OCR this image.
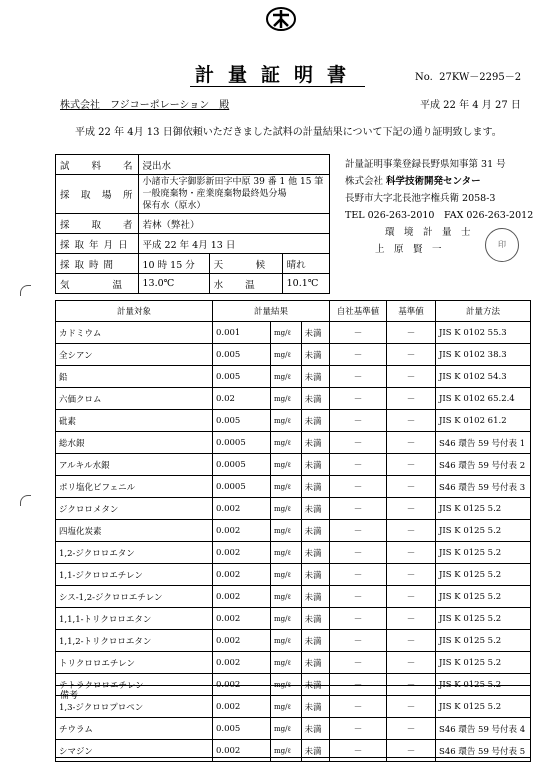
計量証明書	No. 27KW－2295－2
株式会社　フジコーポレーション　殿	平成 22 年 4 月 27 日
平成 22 年 4月 13 日御依頼いただきました試料の計量結果について下記の通り証明致します。
試　　料　　名	浸出水		
採　取　場　所	小諸市大字御影新田字中原 39 番 1 他 15 筆
一般廃棄物・産業廃棄物最終処分場
保有水（原水）		

採　　取　　者	若林（弊社）		
採 取 年 月 日	平成 22 年 4月 13 日		
採 取 時 間	10 時 15 分	天　　　候	晴れ
気　　　　温	13.0℃	水　　温	10.1℃
計量証明事業登録長野県知事第 31 号
株式会社 科学技術開発センター
長野市大字北長池字権兵衛 2058-3
TEL 026-263-2010　FAX 026-263-2012
環　境　計　量　士
上　原　賢　一	印
計量対象	計量結果			自社基準値	基準値	計量方法
カドミウム	0.001	mg/ℓ	未満	－	－	JIS K 0102 55.3
全シアン	0.005	mg/ℓ	未満	－	－	JIS K 0102 38.3
鉛	0.005	mg/ℓ	未満	－	－	JIS K 0102 54.3
六価クロム	0.02	mg/ℓ	未満	－	－	JIS K 0102 65.2.4
砒素	0.005	mg/ℓ	未満	－	－	JIS K 0102 61.2
総水銀	0.0005	mg/ℓ	未満	－	－	S46 環告 59 号付表 1
アルキル水銀	0.0005	mg/ℓ	未満	－	－	S46 環告 59 号付表 2
ポリ塩化ビフェニル	0.0005	mg/ℓ	未満	－	－	S46 環告 59 号付表 3
ジクロロメタン	0.002	mg/ℓ	未満	－	－	JIS K 0125 5.2
四塩化炭素	0.002	mg/ℓ	未満	－	－	JIS K 0125 5.2
1,2-ジクロロエタン	0.002	mg/ℓ	未満	－	－	JIS K 0125 5.2
1,1-ジクロロエチレン	0.002	mg/ℓ	未満	－	－	JIS K 0125 5.2
シス-1,2-ジクロロエチレン	0.002	mg/ℓ	未満	－	－	JIS K 0125 5.2
1,1,1-トリクロロエタン	0.002	mg/ℓ	未満	－	－	JIS K 0125 5.2
1,1,2-トリクロロエタン	0.002	mg/ℓ	未満	－	－	JIS K 0125 5.2
トリクロロエチレン	0.002	mg/ℓ	未満	－	－	JIS K 0125 5.2
テトラクロロエチレン	0.002	mg/ℓ	未満	－	－	JIS K 0125 5.2
1,3-ジクロロプロペン	0.002	mg/ℓ	未満	－	－	JIS K 0125 5.2
チウラム	0.005	mg/ℓ	未満	－	－	S46 環告 59 号付表 4
シマジン	0.002	mg/ℓ	未満	－	－	S46 環告 59 号付表 5
備考
